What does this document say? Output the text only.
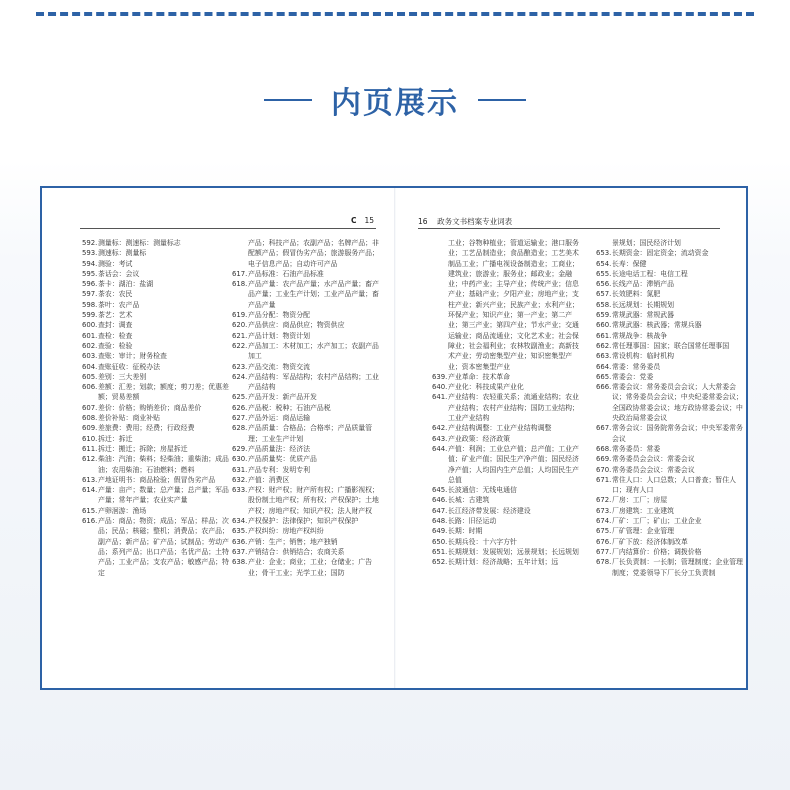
内页展示
C 15
592. 测量标：测速标：测量标志
593. 测速标：测量标
594. 测验：考试
595. 茶话会：会议
596. 茶卡：湖泊：盐湖
597. 茶农：农民
598. 茶叶：农产品
599. 茶艺：艺术
600. 查封：调查
601. 查检：检查
602. 查验：检验
603. 查账：审计；财务检查
604. 查账征收：征税办法
605. 差别：三大差别
606. 差额：汇差；划款；额度；剪刀差；优惠差额；贸易差额
607. 差价：价格；购销差价；商品差价
608. 差价补贴：商业补贴
609. 差旅费：费用；经费；行政经费
610. 拆迁：拆迁
611. 拆迁：搬迁；拆除；房屋拆迁
612. 柴油：汽油；柴料；轻柴油；重柴油；成品油；农用柴油；石油燃料；燃料
613. 产地证明书：商品检验；假冒伪劣产品
614. 产量：亩产；数量；总产量；总产量；军品产量；常年产量；农业实产量
615. 产卵洄游：渔场
616. 产品：商品；物资；成品；军品；样品；次品；民品；核磁；整机；消费品；农产品；副产品；新产品；矿产品；试制品；劳动产品；系列产品；出口产品；名优产品；土特产品；工业产品；支农产品；敏感产品；特定
产品；科技产品；农副产品；名牌产品；非配额产品；假冒伪劣产品；旅游服务产品；电子信息产品；自动许可产品
617. 产品标准：石油产品标准
618. 产品产量：农产品产量；水产品产量；畜产品产量；工业生产计划；工业产品产量；畜产品产量
619. 产品分配：物资分配
620. 产品供应：商品供应；物资供应
621. 产品计划：物资计划
622. 产品加工：木材加工；水产加工；农副产品加工
623. 产品交流：物资交流
624. 产品结构：军品结构；农村产品结构；工业产品结构
625. 产品开发：新产品开发
626. 产品税：税种；石油产品税
627. 产品外运：商品运输
628. 产品质量：合格品；合格率；产品质量管理；工业生产计划
629. 产品质量法：经济法
630. 产品质量奖：优质产品
631. 产品专利：发明专利
632. 产值：消费区
633. 产权：财产权；财产所有权；广播影视权；股份制土地产权；所有权；产权保护；土地产权；房地产权；知识产权；法人财产权
634. 产权保护：法律保护；知识产权保护
635. 产权纠纷：房地产权纠纷
636. 产销：生产；销售；地产独销
637. 产销结合：供销结合；农商关系
638. 产业：企业；商业；工业；仓储业；广告业；骨干工业；光学工业；国防
16 政务文书档案专业词表
工业；谷物种植业；管道运输业；港口服务业；工艺品制造业；食品酿造业；工艺美术制品工业；广播电视设备制造业；工商业；建筑业；旅游业；服务业；邮政业；金融业；中药产业；主导产业；传统产业；信息产业；基础产业；夕阳产业；房地产业；支柱产业；新兴产业；民族产业；水利产业；环保产业；知识产业；第一产业；第二产业；第三产业；第四产业；节水产业；交通运输业；商品流通业；文化艺术业；社会保障业；社会福利业；农林牧副渔业；高新技术产业；劳动密集型产业；知识密集型产业；资本密集型产业
639. 产业革命：技术革命
640. 产业化：科技成果产业化
641. 产业结构：农轻重关系；流通业结构；农业产业结构；农村产业结构；国防工业结构；工业产业结构
642. 产业结构调整：工业产业结构调整
643. 产业政策：经济政策
644. 产值：利润；工业总产值；总产值；工业产值；矿业产值；国民生产净产值；国民经济净产值；人均国内生产总值；人均国民生产总值
645. 长波通信：无线电通信
646. 长城：古建筑
647. 长江经济带发展：经济建设
648. 长路：旧径运动
649. 长期：时期
650. 长期兵役：十六字方针
651. 长期规划：发展规划；远景规划；长远规划
652. 长期计划：经济战略；五年计划；远
景规划；国民经济计划
653. 长期资金：固定资金；流动资金
654. 长寿：保健
655. 长途电话工程：电信工程
656. 长线产品：滞销产品
657. 长效肥料：氮肥
658. 长远规划：长期规划
659. 常规武器：常规武器
660. 常规武器：核武器；常规兵器
661. 常规战争：核战争
662. 常任理事国：国家；联合国常任理事国
663. 常设机构：临时机构
664. 常委：常务委员
665. 常委会：党委
666. 常委会议：常务委员会会议；人大常委会议；常务委员会会议；中央纪委常委会议；全国政协常委会议；地方政协常委会议；中央政治局常委会议
667. 常务会议：国务院常务会议；中央军委常务会议
668. 常务委员：常委
669. 常务委员会会议：常委会议
670. 常务委员会会议：常委会议
671. 常住人口：人口总数；人口普查；暂住人口；现有人口
672. 厂房：工厂；房屋
673. 厂房建筑：工业建筑
674. 厂矿：工厂；矿山；工业企业
675. 厂矿管理：企业管理
676. 厂矿下放：经济体制改革
677. 厂内结算价：价格；调拨价格
678. 厂长负责制：一长制；管理制度；企业管理制度；党委领导下厂长分工负责制
